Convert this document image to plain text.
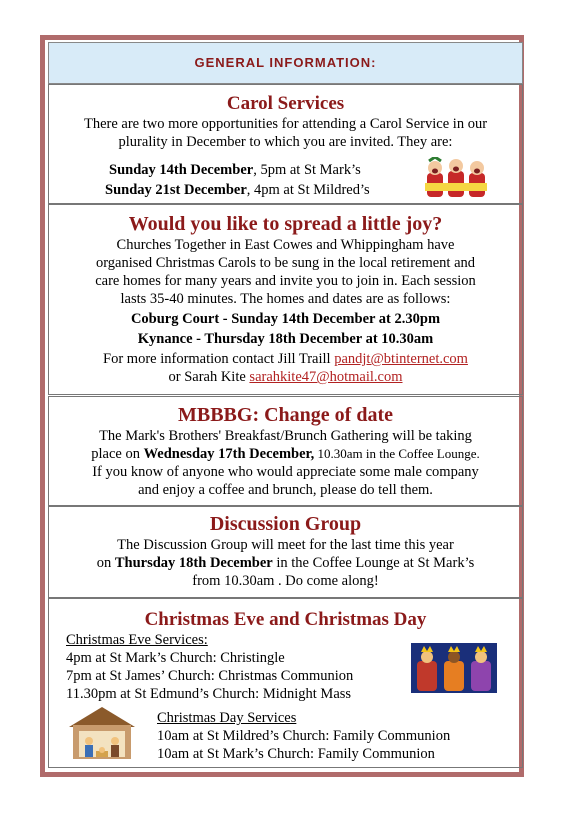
GENERAL INFORMATION:
Carol Services
There are two more opportunities for attending a Carol Service in our
plurality in December to which you are invited. They are:
Sunday 14th December, 5pm at St Mark’s
Sunday 21st December, 4pm at St Mildred’s
Would you like to spread a little joy?
Churches Together in East Cowes and Whippingham have
organised Christmas Carols to be sung in the local retirement and
care homes for many years and invite you to join in. Each session
lasts 35-40 minutes. The homes and dates are as follows:
Coburg Court - Sunday 14th December at 2.30pm
Kynance - Thursday 18th December at 10.30am
For more information contact Jill Traill pandjt@btinternet.com
or Sarah Kite sarahkite47@hotmail.com
MBBBG: Change of date
The Mark's Brothers' Breakfast/Brunch Gathering will be taking
place on Wednesday 17th December, 10.30am in the Coffee Lounge.
If you know of anyone who would appreciate some male company
and enjoy a coffee and brunch, please do tell them.
Discussion Group
The Discussion Group will meet for the last time this year
on Thursday 18th December in the Coffee Lounge at St Mark’s
from 10.30am . Do come along!
Christmas Eve and Christmas Day
Christmas Eve Services:
4pm at St Mark’s Church: Christingle
7pm at St James’ Church: Christmas Communion
11.30pm at St Edmund’s Church: Midnight Mass
Christmas Day Services
10am at St Mildred’s Church: Family Communion
10am at St Mark’s Church: Family Communion
